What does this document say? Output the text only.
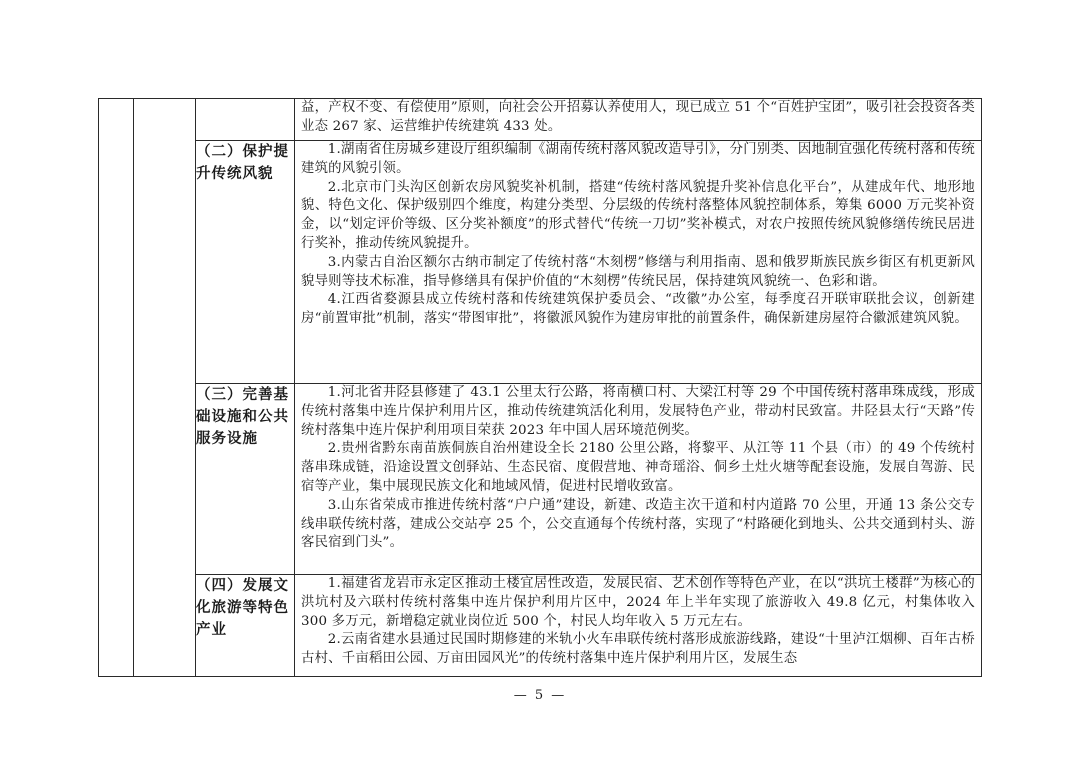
			益，产权不变、有偿使用”原则，向社会公开招募认养使用人，现已成立 51 个“百姓护宝团”，吸引社会投资各类业态 267 家、运营维护传统建筑 433 处。

		（二）保护提升传统风貌	1.湖南省住房城乡建设厅组织编制《湖南传统村落风貌改造导引》，分门别类、因地制宜强化传统村落和传统建筑的风貌引领。

2.北京市门头沟区创新农房风貌奖补机制，搭建“传统村落风貌提升奖补信息化平台”，从建成年代、地形地貌、特色文化、保护级别四个维度，构建分类型、分层级的传统村落整体风貌控制体系，筹集 6000 万元奖补资金，以“划定评价等级、区分奖补额度”的形式替代“传统一刀切”奖补模式，对农户按照传统风貌修缮传统民居进行奖补，推动传统风貌提升。

3.内蒙古自治区额尔古纳市制定了传统村落“木刻楞”修缮与利用指南、恩和俄罗斯族民族乡街区有机更新风貌导则等技术标准，指导修缮具有保护价值的“木刻楞”传统民居，保持建筑风貌统一、色彩和谐。

4.江西省婺源县成立传统村落和传统建筑保护委员会、“改徽”办公室，每季度召开联审联批会议，创新建房“前置审批”机制，落实“带图审批”，将徽派风貌作为建房审批的前置条件，确保新建房屋符合徽派建筑风貌。

		（三）完善基础设施和公共服务设施	1.河北省井陉县修建了 43.1 公里太行公路，将南横口村、大梁江村等 29 个中国传统村落串珠成线，形成传统村落集中连片保护利用片区，推动传统建筑活化利用，发展特色产业，带动村民致富。井陉县太行“天路”传统村落集中连片保护利用项目荣获 2023 年中国人居环境范例奖。

2.贵州省黔东南苗族侗族自治州建设全长 2180 公里公路，将黎平、从江等 11 个县（市）的 49 个传统村落串珠成链，沿途设置文创驿站、生态民宿、度假营地、神奇瑶浴、侗乡土灶火塘等配套设施，发展自驾游、民宿等产业，集中展现民族文化和地域风情，促进村民增收致富。

3.山东省荣成市推进传统村落“户户通”建设，新建、改造主次干道和村内道路 70 公里，开通 13 条公交专线串联传统村落，建成公交站亭 25 个，公交直通每个传统村落，实现了“村路硬化到地头、公共交通到村头、游客民宿到门头”。

		（四）发展文化旅游等特色产业	1.福建省龙岩市永定区推动土楼宜居性改造，发展民宿、艺术创作等特色产业，在以“洪坑土楼群”为核心的洪坑村及六联村传统村落集中连片保护利用片区中，2024 年上半年实现了旅游收入 49.8 亿元，村集体收入 300 多万元，新增稳定就业岗位近 500 个，村民人均年收入 5 万元左右。

2.云南省建水县通过民国时期修建的米轨小火车串联传统村落形成旅游线路，建设“十里泸江烟柳、百年古桥古村、千亩稻田公园、万亩田园风光”的传统村落集中连片保护利用片区，发展生态

— 5 —
